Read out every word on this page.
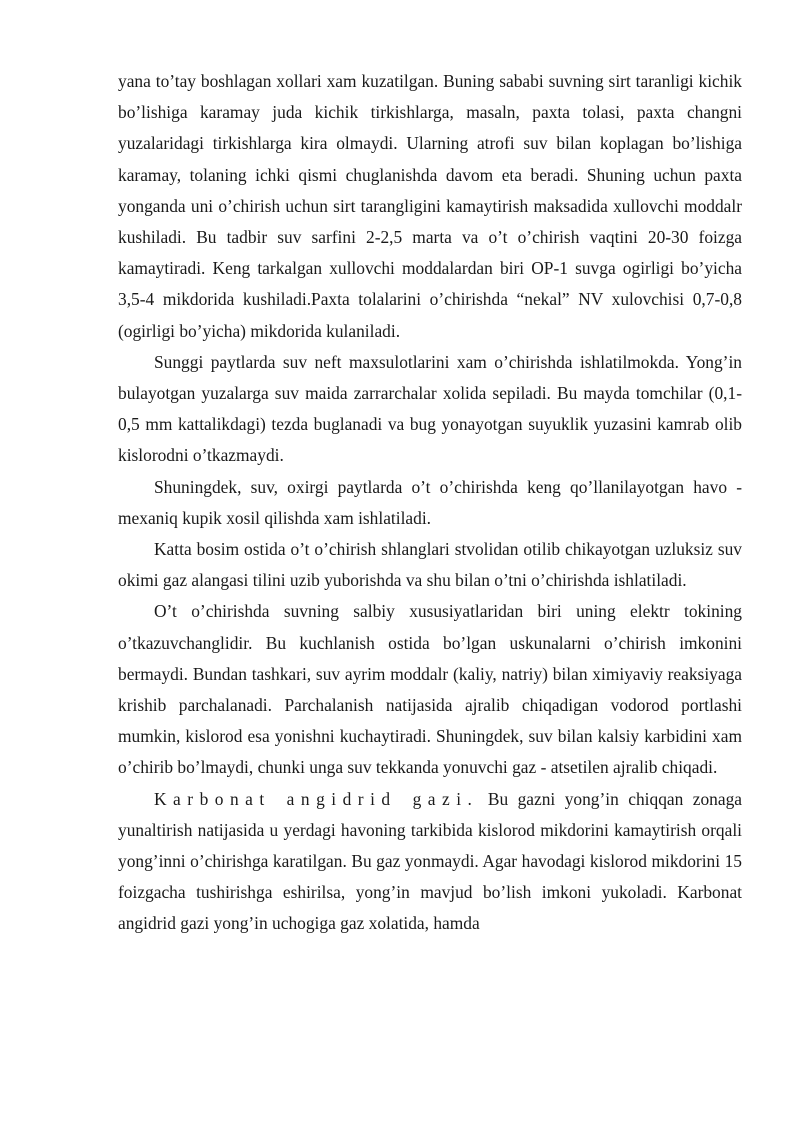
yana to’tay boshlagan xollari xam kuzatilgan. Buning sababi suvning sirt taranligi kichik bo’lishiga karamay juda kichik tirkishlarga, masaln, paxta tolasi, paxta changni yuzalaridagi tirkishlarga kira olmaydi. Ularning atrofi suv bilan koplagan bo’lishiga karamay, tolaning ichki qismi chuglanishda davom eta beradi. Shuning uchun paxta yonganda uni o’chirish uchun sirt tarangligini kamaytirish maksadida xullovchi moddalr kushiladi. Bu tadbir suv sarfini 2-2,5 marta va o’t o’chirish vaqtini 20-30 foizga kamaytiradi. Keng tarkalgan xullovchi moddalardan biri OP-1 suvga ogirligi bo’yicha 3,5-4 mikdorida kushiladi.Paxta tolalarini o’chirishda “nekal” NV xulovchisi 0,7-0,8 (ogirligi bo’yicha) mikdorida kulaniladi.

Sunggi paytlarda suv neft maxsulotlarini xam o’chirishda ishlatilmokda. Yong’in bulayotgan yuzalarga suv maida zarrarchalar xolida sepiladi. Bu mayda tomchilar (0,1-0,5 mm kattalikdagi) tezda buglanadi va bug yonayotgan suyuklik yuzasini kamrab olib kislorodni o’tkazmaydi.

Shuningdek, suv, oxirgi paytlarda o’t o’chirishda keng qo’llanilayotgan havo - mexaniq kupik xosil qilishda xam ishlatiladi.

Katta bosim ostida o’t o’chirish shlanglari stvolidan otilib chikayotgan uzluksiz suv okimi gaz alangasi tilini uzib yuborishda va shu bilan o’tni o’chirishda ishlatiladi.

O’t o’chirishda suvning salbiy xususiyatlaridan biri uning elektr tokining o’tkazuvchanglidir. Bu kuchlanish ostida bo’lgan uskunalarni o’chirish imkonini bermaydi. Bundan tashkari, suv ayrim moddalr (kaliy, natriy) bilan ximiyaviy reaksiyaga krishib parchalanadi. Parchalanish natijasida ajralib chiqadigan vodorod portlashi mumkin, kislorod esa yonishni kuchaytiradi. Shuningdek, suv bilan kalsiy karbidini xam o’chirib bo’lmaydi, chunki unga suv tekkanda yonuvchi gaz - atsetilen ajralib chiqadi.

Karbonat angidrid gazi. Bu gazni yong’in chiqqan zonaga yunaltirish natijasida u yerdagi havoning tarkibida kislorod mikdorini kamaytirish orqali yong’inni o’chirishga karatilgan. Bu gaz yonmaydi. Agar havodagi kislorod mikdorini 15 foizgacha tushirishga eshirilsa, yong’in mavjud bo’lish imkoni yukoladi. Karbonat angidrid gazi yong’in uchogiga gaz xolatida, hamda
